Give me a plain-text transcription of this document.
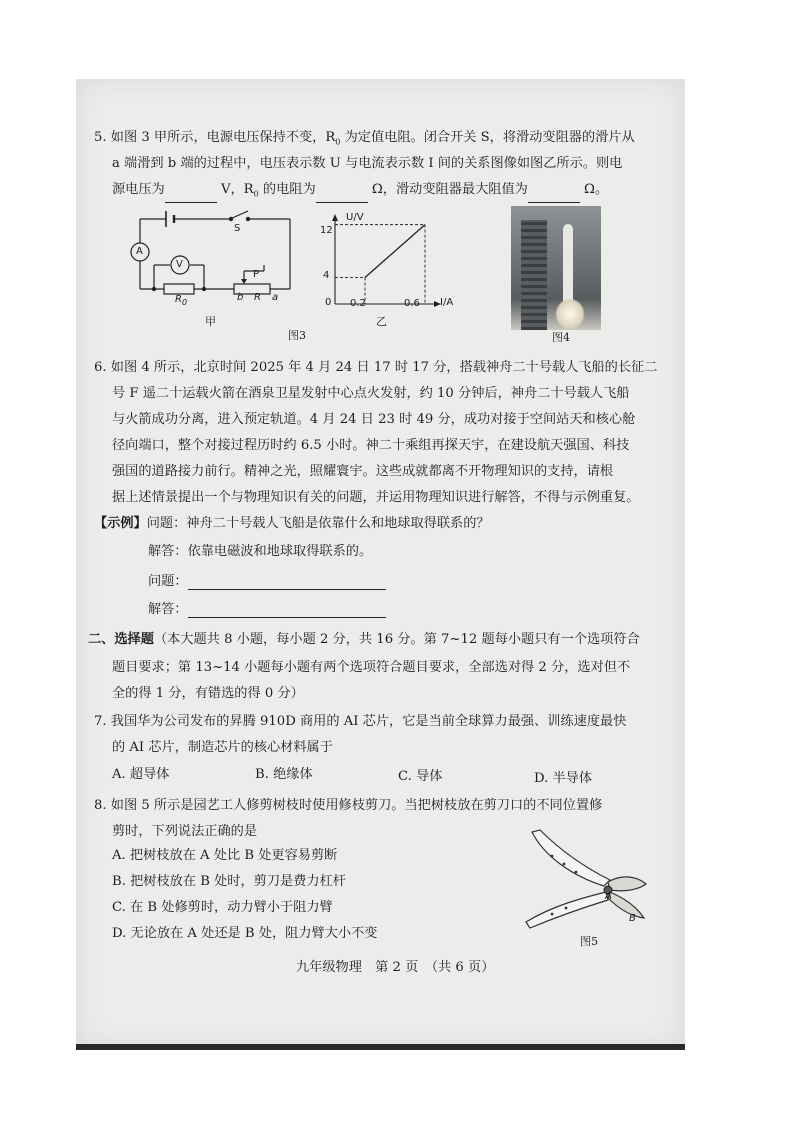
5. 如图 3 甲所示，电源电压保持不变，$R_0$ 为定值电阻。闭合开关 S，将滑动变阻器的滑片从
a 端滑到 b 端的过程中，电压表示数 U 与电流表示数 I 间的关系图像如图乙所示。则电
源电压为	V，$R_0$ 的电阻为	Ω，滑动变阻器最大阻值为	Ω。
A
V
S
P
$R_0$	R
b	a
甲
U/V
I/A
0
12
4
0.2	0.6
乙
图3	图4
6. 如图 4 所示，北京时间 2025 年 4 月 24 日 17 时 17 分，搭载神舟二十号载人飞船的长征二
号 F 遥二十运载火箭在酒泉卫星发射中心点火发射，约 10 分钟后，神舟二十号载人飞船
与火箭成功分离，进入预定轨道。4 月 24 日 23 时 49 分，成功对接于空间站天和核心舱
径向端口，整个对接过程历时约 6.5 小时。神二十乘组再探天宇，在建设航天强国、科技
强国的道路接力前行。精神之光，照耀寰宇。这些成就都离不开物理知识的支持，请根
据上述情景提出一个与物理知识有关的问题，并运用物理知识进行解答，不得与示例重复。
【示例】问题：神舟二十号载人飞船是依靠什么和地球取得联系的？
解答：依靠电磁波和地球取得联系的。
问题：
解答：
二、选择题（本大题共 8 小题，每小题 2 分，共 16 分。第 7~12 题每小题只有一个选项符合
题目要求；第 13~14 小题每小题有两个选项符合题目要求，全部选对得 2 分，选对但不
全的得 1 分，有错选的得 0 分）
7. 我国华为公司发布的昇腾 910D 商用的 AI 芯片，它是当前全球算力最强、训练速度最快
的 AI 芯片，制造芯片的核心材料属于
A. 超导体	B. 绝缘体	C. 导体	D. 半导体
8. 如图 5 所示是园艺工人修剪树枝时使用修枝剪刀。当把树枝放在剪刀口的不同位置修
剪时，下列说法正确的是
A. 把树枝放在 A 处比 B 处更容易剪断
B. 把树枝放在 B 处时，剪刀是费力杠杆
C. 在 B 处修剪时，动力臂小于阻力臂
D. 无论放在 A 处还是 B 处，阻力臂大小不变
A
B
图5
九年级物理　第 2 页　（共 6 页）
